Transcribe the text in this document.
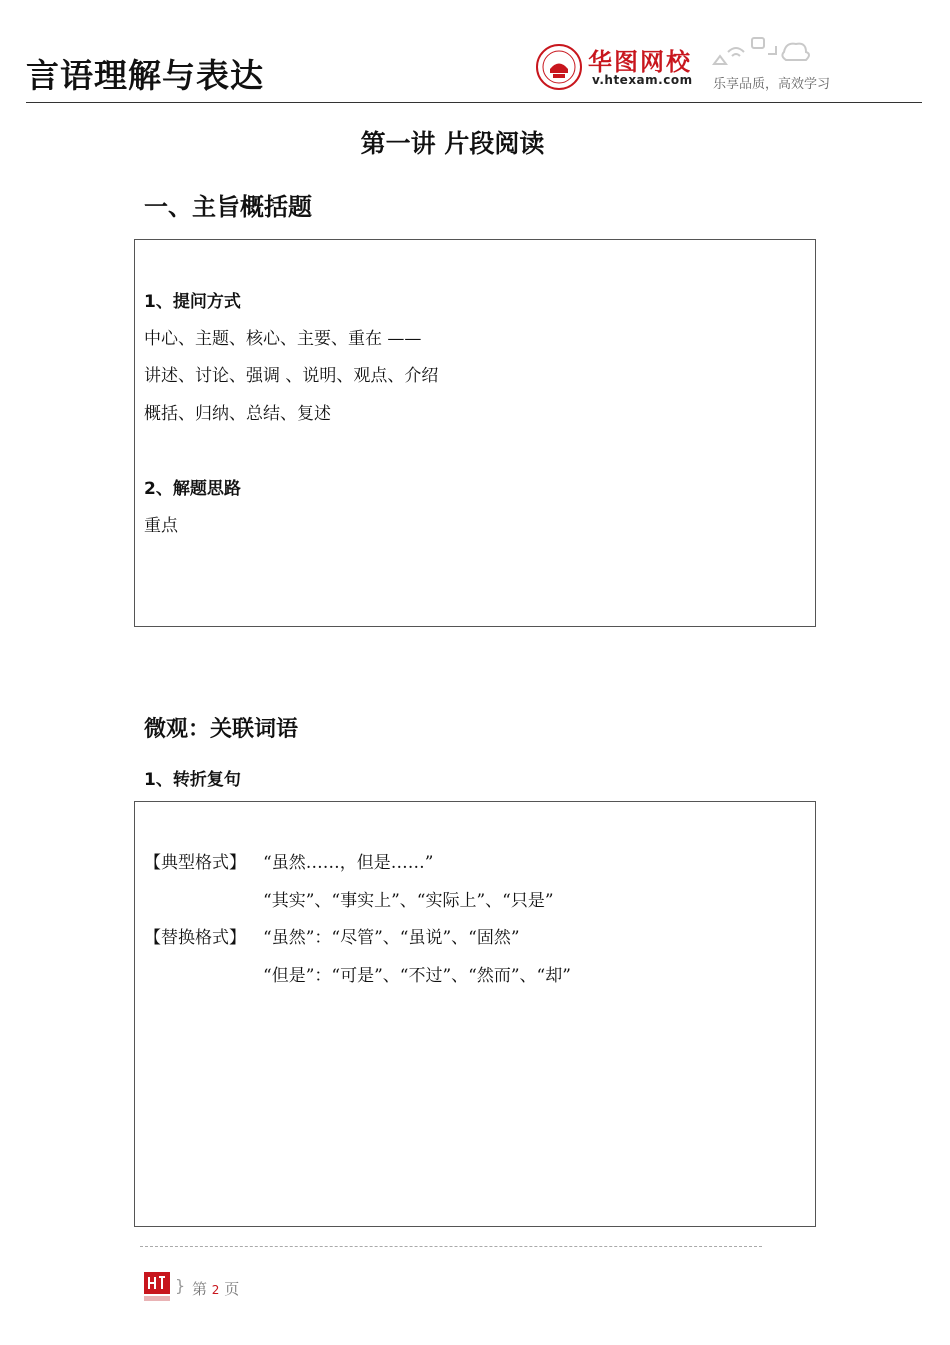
言语理解与表达	华图网校
v.htexam.com 乐享品质，高效学习
第一讲 片段阅读
一、主旨概括题
1、提问方式
中心、主题、核心、主要、重在 ——
讲述、讨论、强调 、说明、观点、介绍
概括、归纳、总结、复述
2、解题思路
重点
微观：关联词语
1、转折复句
【典型格式】 “虽然……，但是……”
“其实”、“事实上”、“实际上”、“只是”
【替换格式】 “虽然”：“尽管”、“虽说”、“固然”
“但是”：“可是”、“不过”、“然而”、“却”
} 第 2 页
